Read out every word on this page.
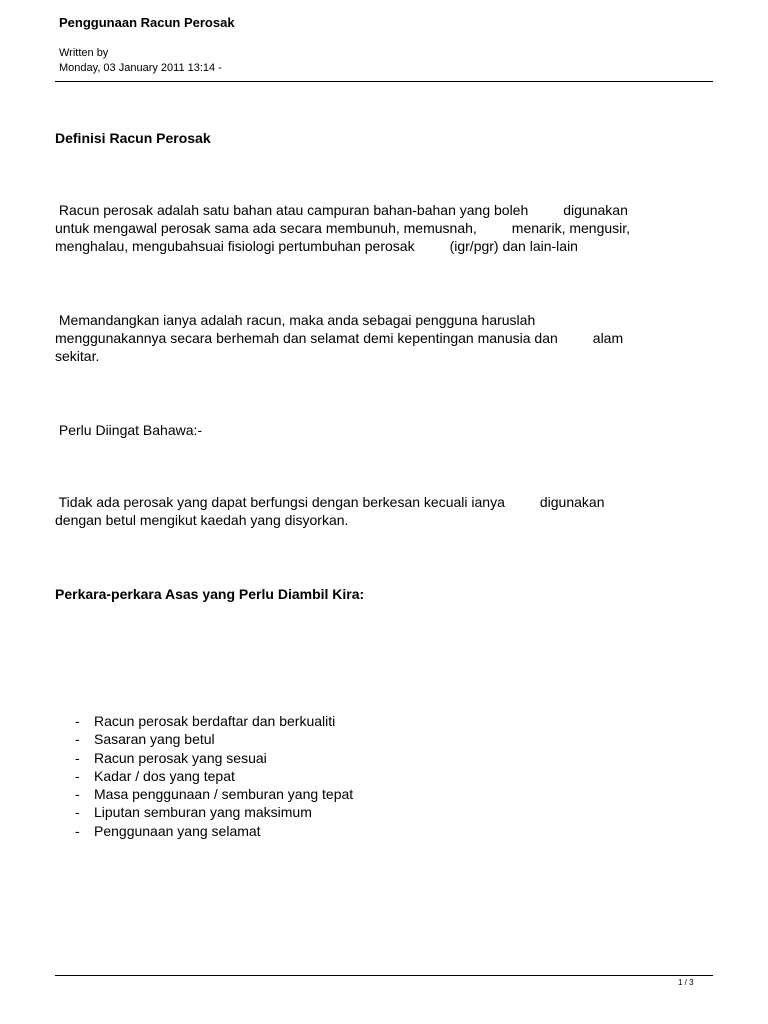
Penggunaan Racun Perosak
Written by
Monday, 03 January 2011 13:14 -
Definisi Racun Perosak
Racun perosak adalah satu bahan atau campuran bahan-bahan yang boleh         digunakan
untuk mengawal perosak sama ada secara membunuh, memusnah,         menarik, mengusir,
menghalau, mengubahsuai fisiologi pertumbuhan perosak         (igr/pgr) dan lain-lain
Memandangkan ianya adalah racun, maka anda sebagai pengguna haruslah
menggunakannya secara berhemah dan selamat demi kepentingan manusia dan         alam
sekitar.
Perlu Diingat Bahawa:-
Tidak ada perosak yang dapat berfungsi dengan berkesan kecuali ianya         digunakan
dengan betul mengikut kaedah yang disyorkan.
Perkara-perkara Asas yang Perlu Diambil Kira:
- Racun perosak berdaftar dan berkualiti
- Sasaran yang betul
- Racun perosak yang sesuai
- Kadar / dos yang tepat
- Masa penggunaan / semburan yang tepat
- Liputan semburan yang maksimum
- Penggunaan yang selamat
1 / 3
